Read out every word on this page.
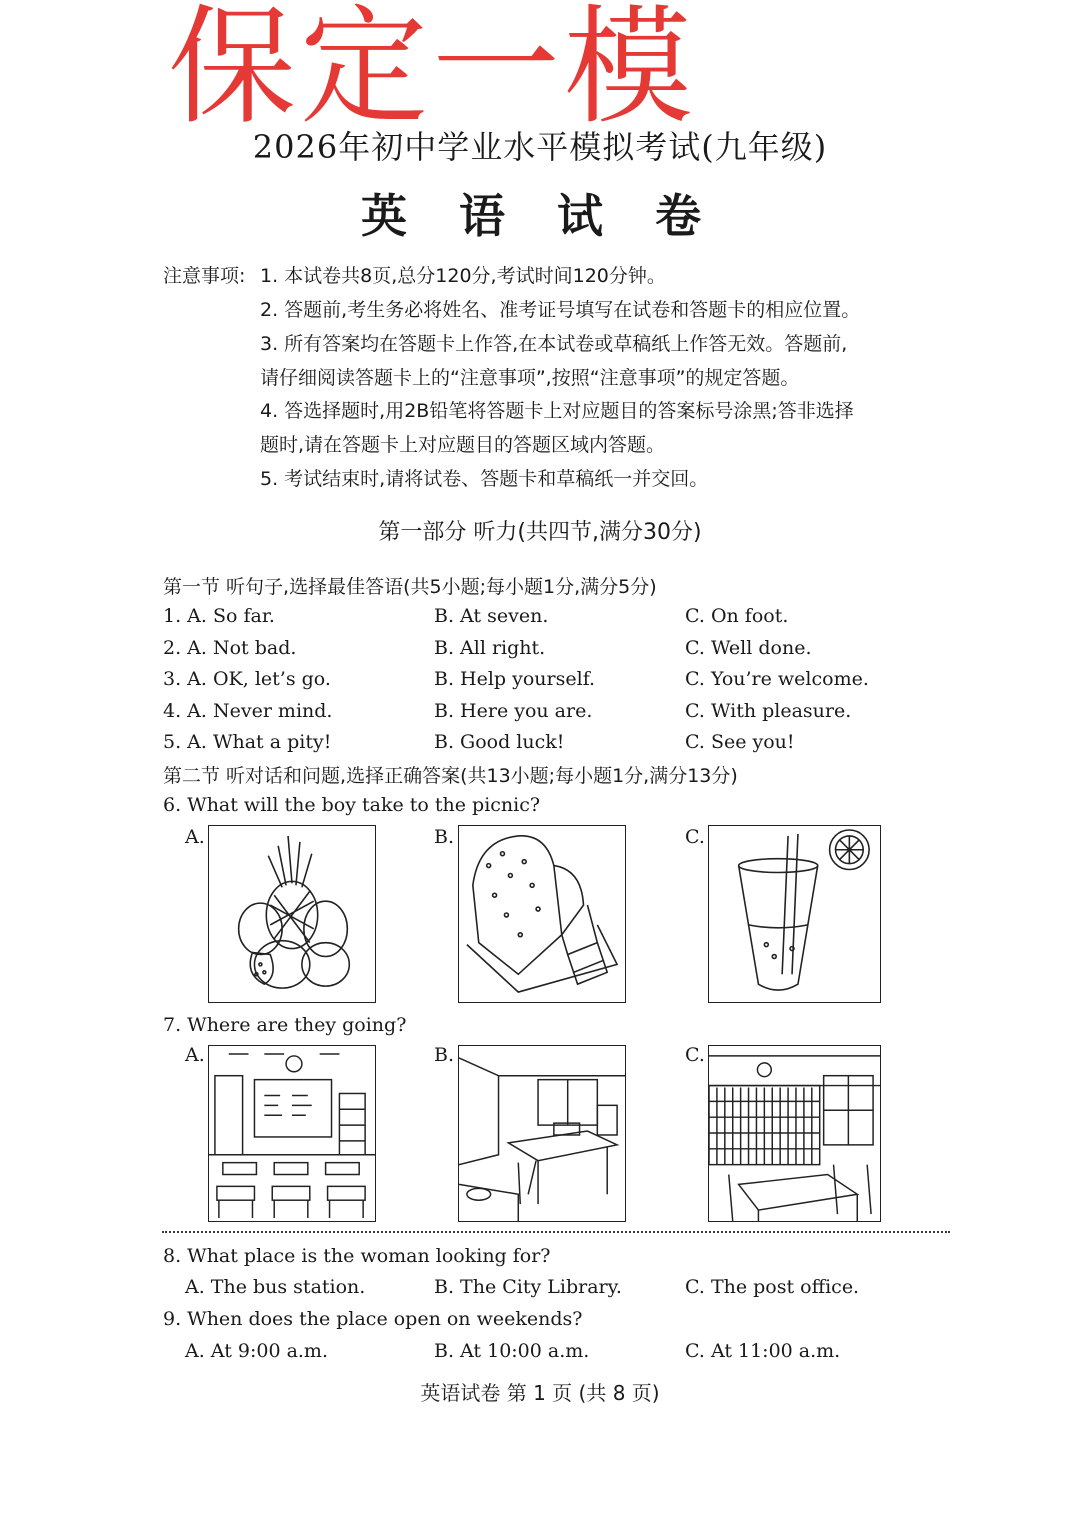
保定一模
2026年初中学业水平模拟考试(九年级)
英 语 试 卷
注意事项: 1. 本试卷共8页,总分120分,考试时间120分钟。
2. 答题前,考生务必将姓名、准考证号填写在试卷和答题卡的相应位置。
3. 所有答案均在答题卡上作答,在本试卷或草稿纸上作答无效。答题前,
请仔细阅读答题卡上的“注意事项”,按照“注意事项”的规定答题。
4. 答选择题时,用2B铅笔将答题卡上对应题目的答案标号涂黑;答非选择
题时,请在答题卡上对应题目的答题区域内答题。
5. 考试结束时,请将试卷、答题卡和草稿纸一并交回。
第一部分 听力(共四节,满分30分)
第一节 听句子,选择最佳答语(共5小题;每小题1分,满分5分)
1. A. So far.	B. At seven.	C. On foot.
2. A. Not bad.	B. All right.	C. Well done.
3. A. OK, let’s go.	B. Help yourself.	C. You’re welcome.
4. A. Never mind.	B. Here you are.	C. With pleasure.
5. A. What a pity!	B. Good luck!	C. See you!
第二节 听对话和问题,选择正确答案(共13小题;每小题1分,满分13分)
6. What will the boy take to the picnic?
A.	B.	C.
7. Where are they going?
A.	B.	C.
8. What place is the woman looking for?
A. The bus station.	B. The City Library.	C. The post office.
9. When does the place open on weekends?
A. At 9:00 a.m.	B. At 10:00 a.m.	C. At 11:00 a.m.
英语试卷 第 1 页 (共 8 页)
